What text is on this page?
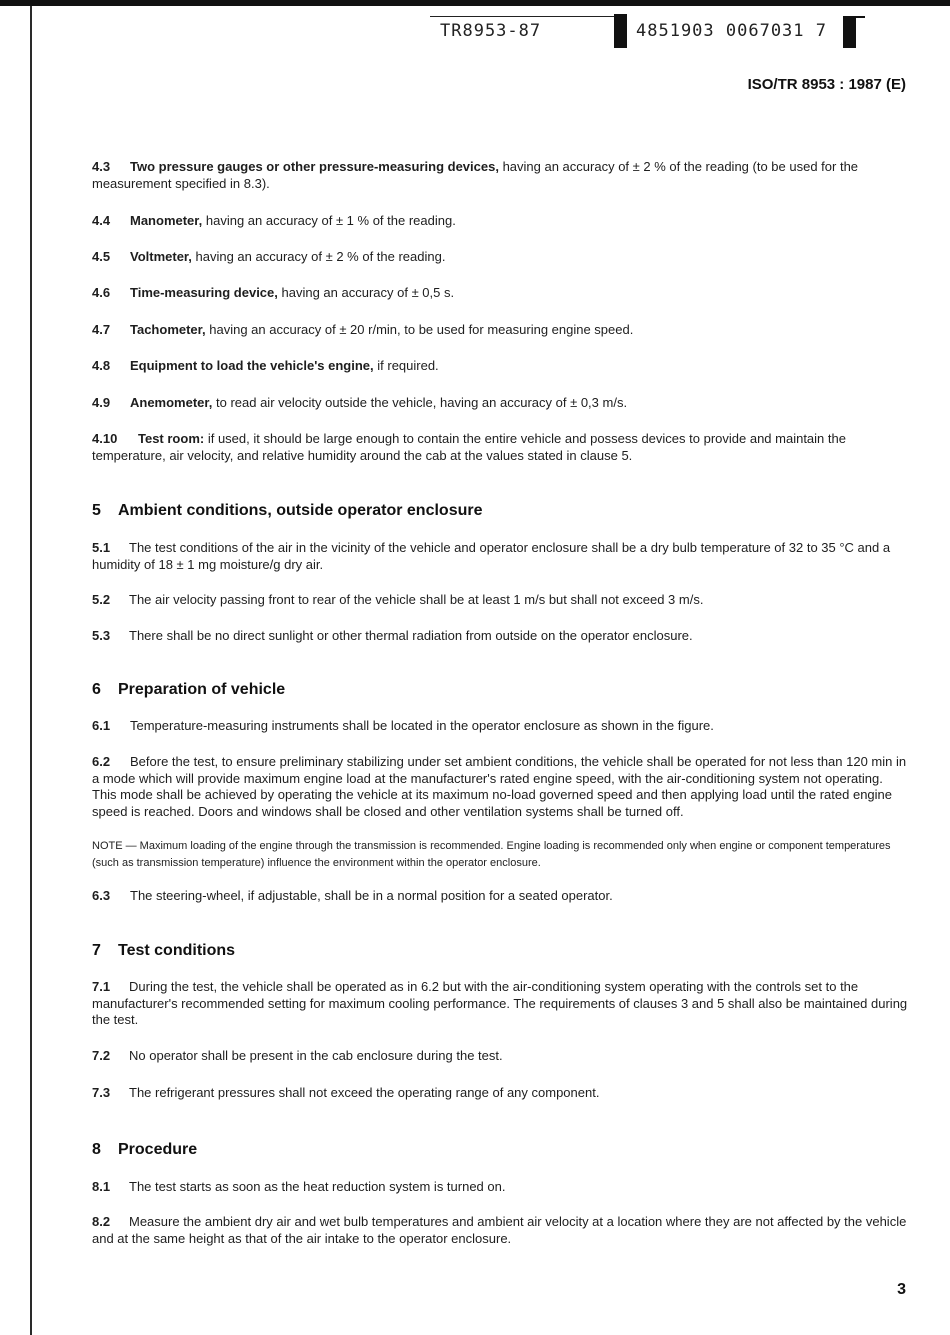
TR8953-87	4851903 0067031 7
ISO/TR 8953 : 1987 (E)
4.3 Two pressure gauges or other pressure-measuring devices, having an accuracy of ± 2 % of the reading (to be used for the measurement specified in 8.3).
4.4 Manometer, having an accuracy of ± 1 % of the reading.
4.5 Voltmeter, having an accuracy of ± 2 % of the reading.
4.6 Time-measuring device, having an accuracy of ± 0,5 s.
4.7 Tachometer, having an accuracy of ± 20 r/min, to be used for measuring engine speed.
4.8 Equipment to load the vehicle's engine, if required.
4.9 Anemometer, to read air velocity outside the vehicle, having an accuracy of ± 0,3 m/s.
4.10 Test room: if used, it should be large enough to contain the entire vehicle and possess devices to provide and maintain the temperature, air velocity, and relative humidity around the cab at the values stated in clause 5.
5 Ambient conditions, outside operator enclosure
5.1 The test conditions of the air in the vicinity of the vehicle and operator enclosure shall be a dry bulb temperature of 32 to 35 °C and a humidity of 18 ± 1 mg moisture/g dry air.
5.2 The air velocity passing front to rear of the vehicle shall be at least 1 m/s but shall not exceed 3 m/s.
5.3 There shall be no direct sunlight or other thermal radiation from outside on the operator enclosure.
6 Preparation of vehicle
6.1 Temperature-measuring instruments shall be located in the operator enclosure as shown in the figure.
6.2 Before the test, to ensure preliminary stabilizing under set ambient conditions, the vehicle shall be operated for not less than 120 min in a mode which will provide maximum engine load at the manufacturer's rated engine speed, with the air-conditioning system not operating. This mode shall be achieved by operating the vehicle at its maximum no-load governed speed and then applying load until the rated engine speed is reached. Doors and windows shall be closed and other ventilation systems shall be turned off.
NOTE — Maximum loading of the engine through the transmission is recommended. Engine loading is recommended only when engine or component temperatures (such as transmission temperature) influence the environment within the operator enclosure.
6.3 The steering-wheel, if adjustable, shall be in a normal position for a seated operator.
7 Test conditions
7.1 During the test, the vehicle shall be operated as in 6.2 but with the air-conditioning system operating with the controls set to the manufacturer's recommended setting for maximum cooling performance. The requirements of clauses 3 and 5 shall also be maintained during the test.
7.2 No operator shall be present in the cab enclosure during the test.
7.3 The refrigerant pressures shall not exceed the operating range of any component.
8 Procedure
8.1 The test starts as soon as the heat reduction system is turned on.
8.2 Measure the ambient dry air and wet bulb temperatures and ambient air velocity at a location where they are not affected by the vehicle and at the same height as that of the air intake to the operator enclosure.
3
